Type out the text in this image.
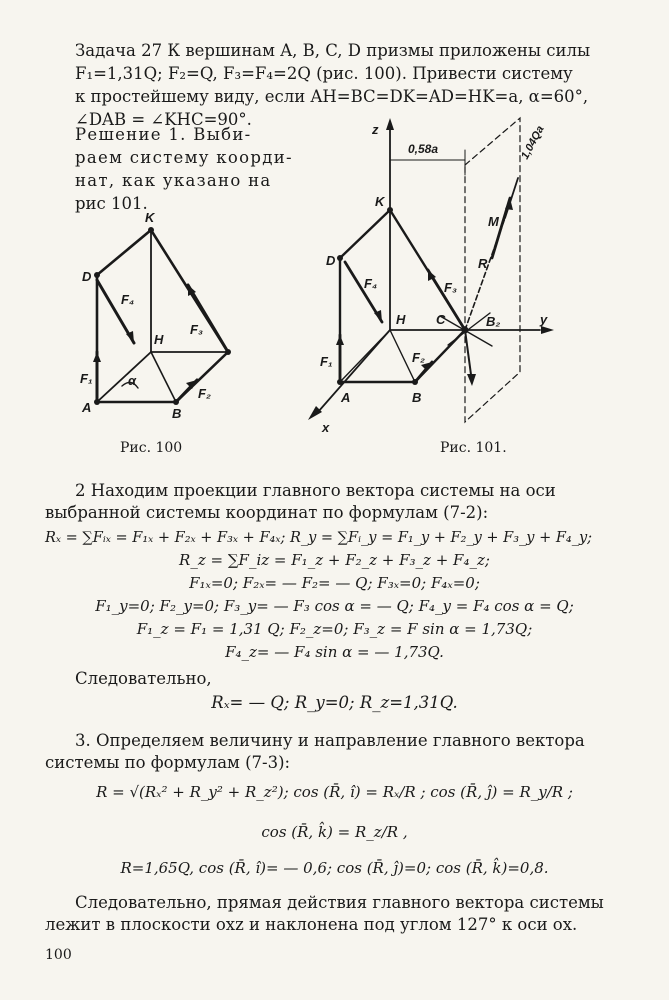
Задача 27 К вершинам A, B, C, D призмы приложены силы
F₁=1,31Q; F₂=Q, F₃=F₄=2Q (рис. 100). Привести систему
к простейшему виду, если AH=BC=DK=AD=HK=a, α=60°,
∠DAB = ∠KHC=90°.
Решение 1. Выби-
раем систему коорди-
нат, как указано на
рис 101.
K
D
F₄
F₃
H
F₁	α
F₂
A	B
Рис. 100
z
0,58a	1,04Qa
K
M
D
F₄	F₃
R
H C	B₂	y
F₂
F₁
A	B
x
Рис. 101.
2 Находим проекции главного вектора системы на оси
выбранной системы координат по формулам (7-2):
Rₓ = ∑Fᵢₓ = F₁ₓ + F₂ₓ + F₃ₓ + F₄ₓ; R_y = ∑Fᵢ_y = F₁_y + F₂_y + F₃_y + F₄_y;
R_z = ∑F_iz = F₁_z + F₂_z + F₃_z + F₄_z;
F₁ₓ=0; F₂ₓ= — F₂= — Q; F₃ₓ=0; F₄ₓ=0;
F₁_y=0; F₂_y=0; F₃_y= — F₃ cos α = — Q; F₄_y = F₄ cos α = Q;
F₁_z = F₁ = 1,31 Q; F₂_z=0; F₃_z = F sin α = 1,73Q;
F₄_z= — F₄ sin α = — 1,73Q.
Следовательно,
Rₓ= — Q; R_y=0; R_z=1,31Q.
3. Определяем величину и направление главного вектора
системы по формулам (7-3):
R = √(Rₓ² + R_y² + R_z²); cos (R̄, î) = Rₓ/R ; cos (R̄, ĵ) = R_y/R ;
cos (R̄, k̂) = R_z/R ,
R=1,65Q, cos (R̄, î)= — 0,6; cos (R̄, ĵ)=0; cos (R̄, k̂)=0,8.
Следовательно, прямая действия главного вектора системы
лежит в плоскости oxz и наклонена под углом 127° к оси ox.
100
